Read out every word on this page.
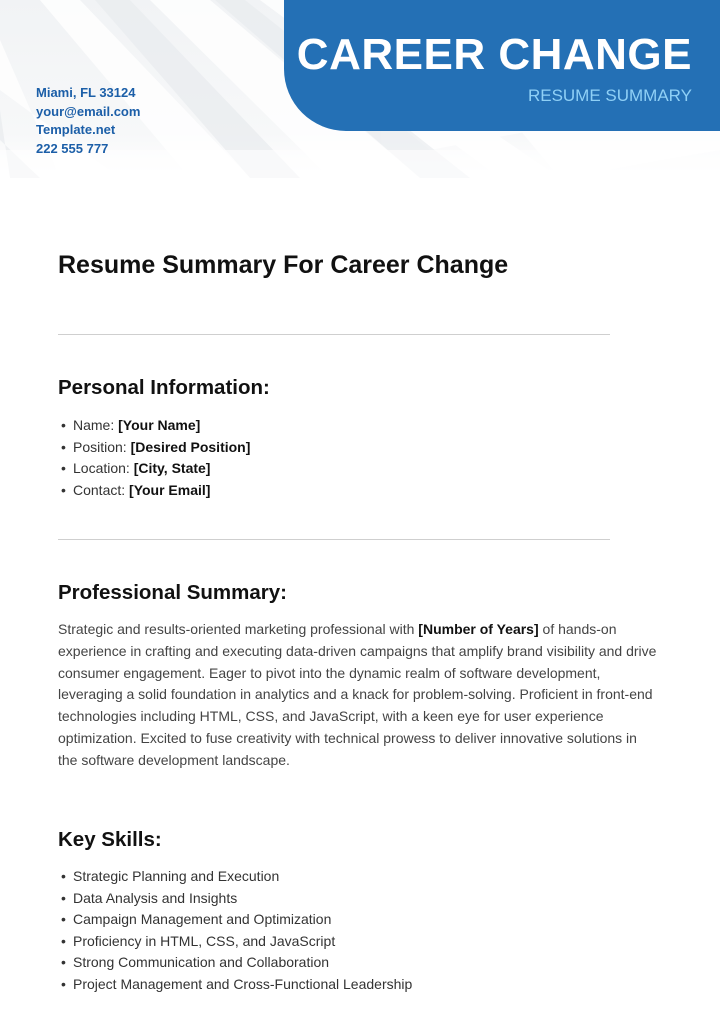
Miami, FL 33124
your@email.com
Template.net
222 555 777
CAREER CHANGE
RESUME SUMMARY
Resume Summary For Career Change
Personal Information:
• Name: [Your Name]
• Position: [Desired Position]
• Location: [City, State]
• Contact: [Your Email]
Professional Summary:
Strategic and results-oriented marketing professional with [Number of Years] of hands-on experience in crafting and executing data-driven campaigns that amplify brand visibility and drive consumer engagement. Eager to pivot into the dynamic realm of software development, leveraging a solid foundation in analytics and a knack for problem-solving. Proficient in front-end technologies including HTML, CSS, and JavaScript, with a keen eye for user experience optimization. Excited to fuse creativity with technical prowess to deliver innovative solutions in the software development landscape.
Key Skills:
• Strategic Planning and Execution
• Data Analysis and Insights
• Campaign Management and Optimization
• Proficiency in HTML, CSS, and JavaScript
• Strong Communication and Collaboration
• Project Management and Cross-Functional Leadership
